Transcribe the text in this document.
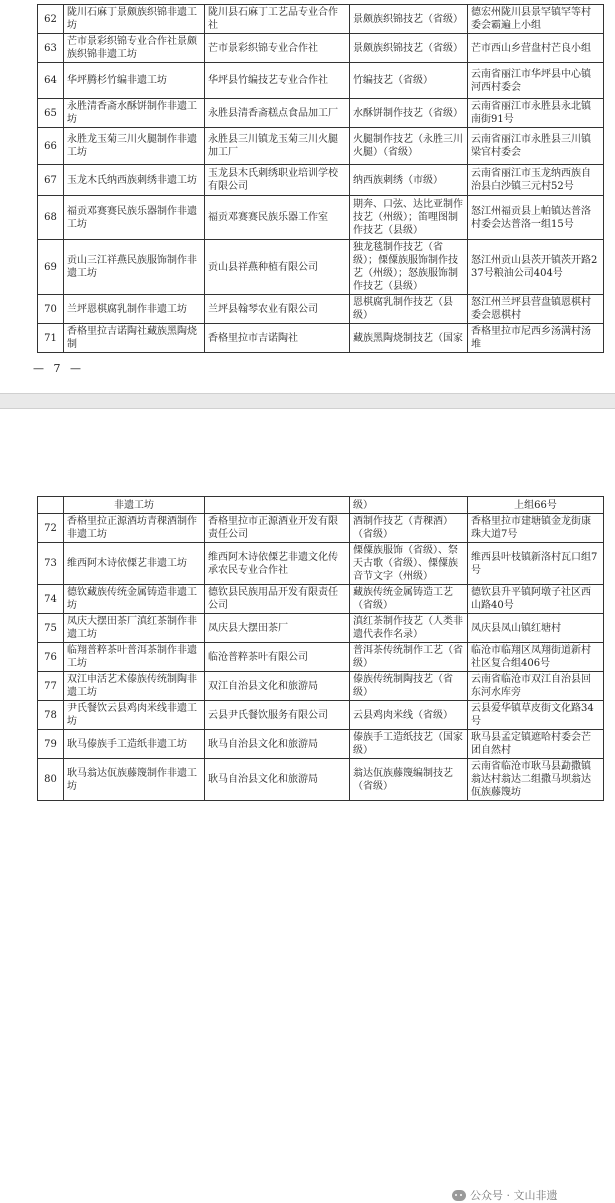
62	陇川石麻丁景颇族织锦非遗工坊	陇川县石麻丁工艺品专业合作社	景颇族织锦技艺（省级）	德宏州陇川县景罕镇罕等村委会霸遍上小组
63	芒市景彩织锦专业合作社景颇族织锦非遗工坊	芒市景彩织锦专业合作社	景颇族织锦技艺（省级）	芒市西山乡营盘村芒良小组
64	华坪腾杉竹编非遗工坊	华坪县竹编技艺专业合作社	竹编技艺（省级）	云南省丽江市华坪县中心镇河西村委会
65	永胜清香斋水酥饼制作非遗工坊	永胜县清香斋糕点食品加工厂	水酥饼制作技艺（省级）	云南省丽江市永胜县永北镇南街91号
66	永胜龙玉菊三川火腿制作非遗工坊	永胜县三川镇龙玉菊三川火腿加工厂	火腿制作技艺（永胜三川火腿）（省级）	云南省丽江市永胜县三川镇梁官村委会
67	玉龙木氏纳西族刺绣非遗工坊	玉龙县木氏刺绣职业培训学校有限公司	纳西族刺绣（市级）	云南省丽江市玉龙纳西族自治县白沙镇三元村52号
68	福贡邓赛赛民族乐器制作非遗工坊	福贡邓赛赛民族乐器工作室	期奔、口弦、达比亚制作技艺（州级）；笛哩图制作技艺（县级）	怒江州福贡县上帕镇达普洛村委会达普洛一组15号
69	贡山三江祥燕民族服饰制作非遗工坊	贡山县祥燕种植有限公司	独龙毯制作技艺（省级）；傈僳族服饰制作技艺（州级）；怒族服饰制作技艺（县级）	怒江州贡山县茨开镇茨开路237号粮油公司404号
70	兰坪恩棋腐乳制作非遗工坊	兰坪县翰琴农业有限公司	恩棋腐乳制作技艺（县级）	怒江州兰坪县营盘镇恩棋村委会恩棋村
71	香格里拉吉诺陶社藏族黑陶烧制	香格里拉市吉诺陶社	藏族黑陶烧制技艺（国家	香格里拉市尼西乡汤满村汤堆
— 7 —
	非遗工坊		级）	上组66号
72	香格里拉正源酒坊青稞酒制作非遗工坊	香格里拉市正源酒业开发有限责任公司	酒制作技艺（青稞酒）（省级）	香格里拉市建塘镇金龙街康珠大道7号
73	维西阿木诗依傈艺非遗工坊	维西阿木诗依傈艺非遗文化传承农民专业合作社	傈僳族服饰（省级）、祭天古歌（省级）、傈僳族音节文字（州级）	维西县叶枝镇新洛村瓦口组7号
74	德钦藏族传统金属铸造非遗工坊	德钦县民族用品开发有限责任公司	藏族传统金属铸造工艺（省级）	德钦县升平镇阿墩子社区西山路40号
75	凤庆大摆田茶厂滇红茶制作非遗工坊	凤庆县大摆田茶厂	滇红茶制作技艺（人类非遗代表作名录）	凤庆县凤山镇红塘村
76	临翔普粹茶叶普洱茶制作非遗工坊	临沧普粹茶叶有限公司	普洱茶传统制作工艺（省级）	临沧市临翔区凤翔街道新村社区复合组406号
77	双江申活艺术傣族传统制陶非遗工坊	双江自治县文化和旅游局	傣族传统制陶技艺（省级）	云南省临沧市双江自治县回东河水库旁
78	尹氏餐饮云县鸡肉米线非遗工坊	云县尹氏餐饮服务有限公司	云县鸡肉米线（省级）	云县爱华镇草皮街文化路34号
79	耿马傣族手工造纸非遗工坊	耿马自治县文化和旅游局	傣族手工造纸技艺（国家级）	耿马县孟定镇遮哈村委会芒团自然村
80	耿马翁达佤族藤篾制作非遗工坊	耿马自治县文化和旅游局	翁达佤族藤篾编制技艺（省级）	云南省临沧市耿马县勐撒镇翁达村翁达二组撒马坝翁达佤族藤篾坊
公众号 · 文山非遗
